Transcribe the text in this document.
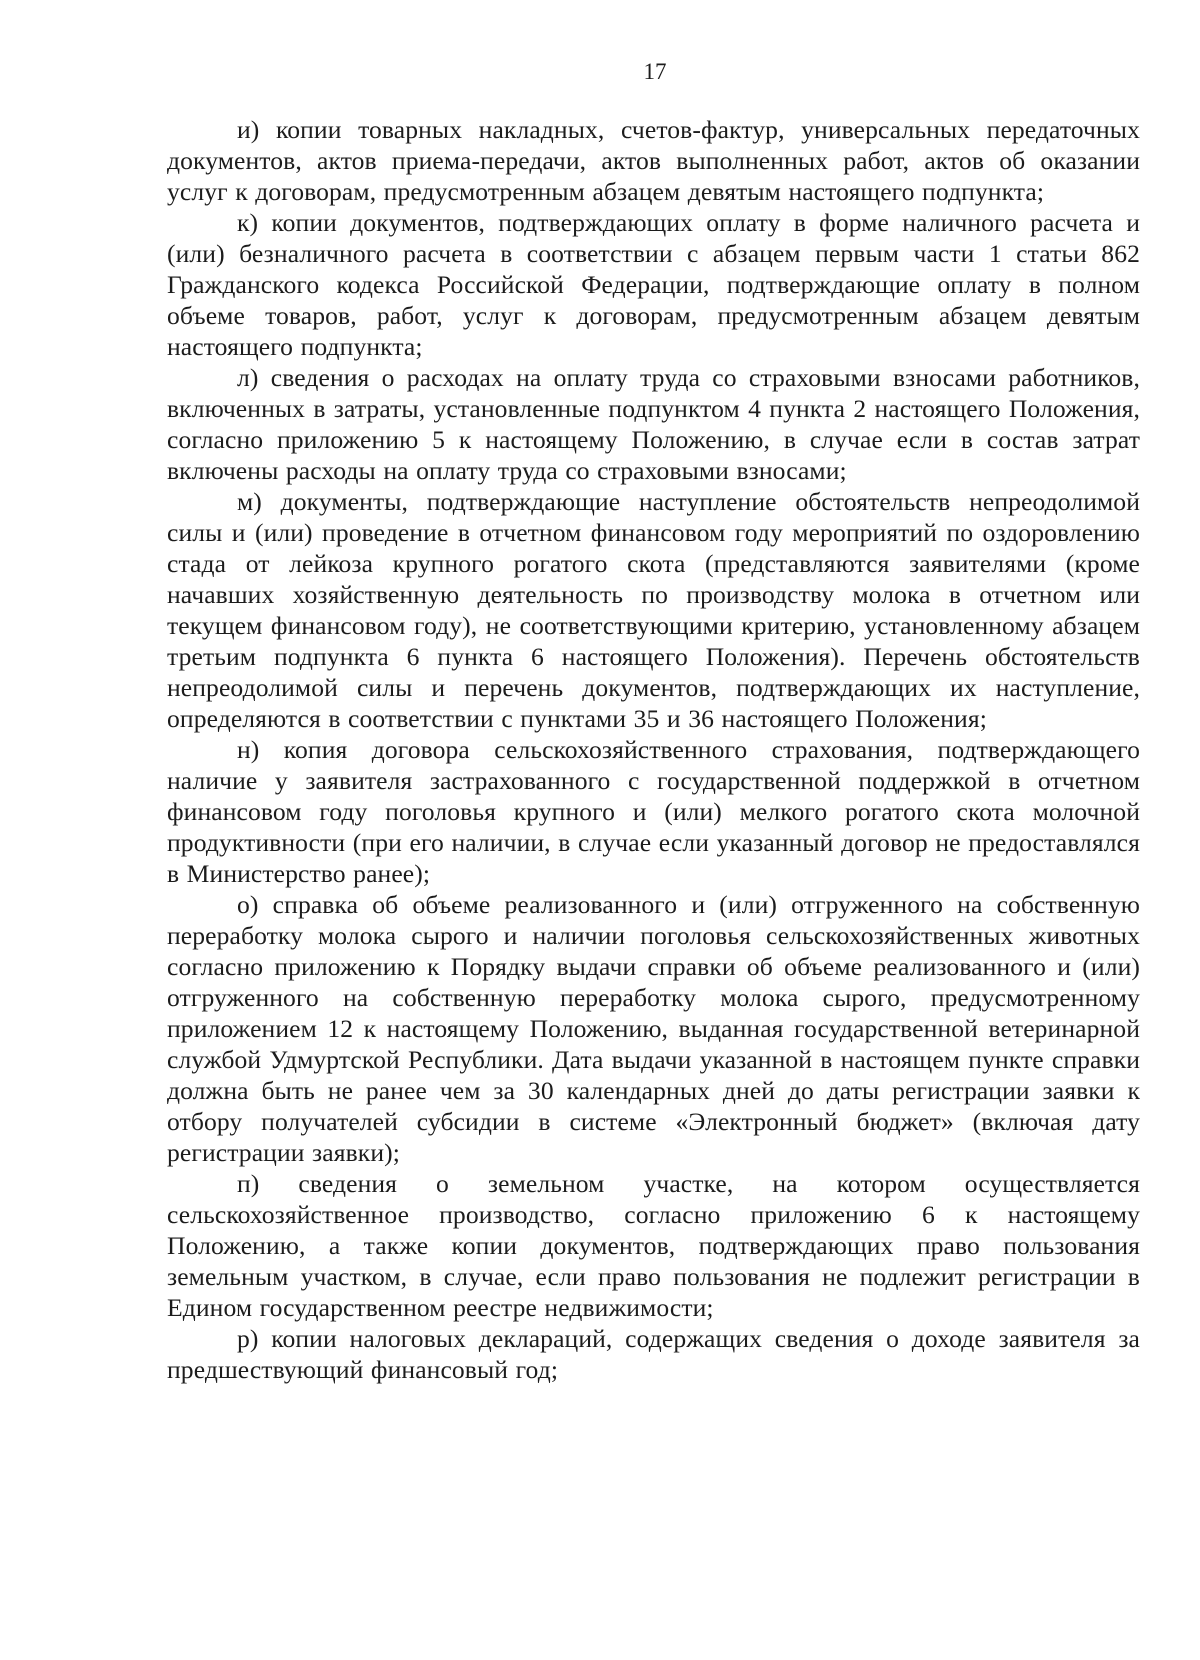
17

и) копии товарных накладных, счетов-фактур, универсальных передаточных документов, актов приема-передачи, актов выполненных работ, актов об оказании услуг к договорам, предусмотренным абзацем девятым настоящего подпункта;

к) копии документов, подтверждающих оплату в форме наличного расчета и (или) безналичного расчета в соответствии с абзацем первым части 1 статьи 862 Гражданского кодекса Российской Федерации, подтверждающие оплату в полном объеме товаров, работ, услуг к договорам, предусмотренным абзацем девятым настоящего подпункта;

л) сведения о расходах на оплату труда со страховыми взносами работников, включенных в затраты, установленные подпунктом 4 пункта 2 настоящего Положения, согласно приложению 5 к настоящему Положению, в случае если в состав затрат включены расходы на оплату труда со страховыми взносами;

м) документы, подтверждающие наступление обстоятельств непреодолимой силы и (или) проведение в отчетном финансовом году мероприятий по оздоровлению стада от лейкоза крупного рогатого скота (представляются заявителями (кроме начавших хозяйственную деятельность по производству молока в отчетном или текущем финансовом году), не соответствующими критерию, установленному абзацем третьим подпункта 6 пункта 6 настоящего Положения). Перечень обстоятельств непреодолимой силы и перечень документов, подтверждающих их наступление, определяются в соответствии с пунктами 35 и 36 настоящего Положения;

н) копия договора сельскохозяйственного страхования, подтверждающего наличие у заявителя застрахованного с государственной поддержкой в отчетном финансовом году поголовья крупного и (или) мелкого рогатого скота молочной продуктивности (при его наличии, в случае если указанный договор не предоставлялся в Министерство ранее);

о) справка об объеме реализованного и (или) отгруженного на собственную переработку молока сырого и наличии поголовья сельскохозяйственных животных согласно приложению к Порядку выдачи справки об объеме реализованного и (или) отгруженного на собственную переработку молока сырого, предусмотренному приложением 12 к настоящему Положению, выданная государственной ветеринарной службой Удмуртской Республики. Дата выдачи указанной в настоящем пункте справки должна быть не ранее чем за 30 календарных дней до даты регистрации заявки к отбору получателей субсидии в системе «Электронный бюджет» (включая дату регистрации заявки);

п) сведения о земельном участке, на котором осуществляется сельскохозяйственное производство, согласно приложению 6 к настоящему Положению, а также копии документов, подтверждающих право пользования земельным участком, в случае, если право пользования не подлежит регистрации в Едином государственном реестре недвижимости;

р) копии налоговых деклараций, содержащих сведения о доходе заявителя за предшествующий финансовый год;
